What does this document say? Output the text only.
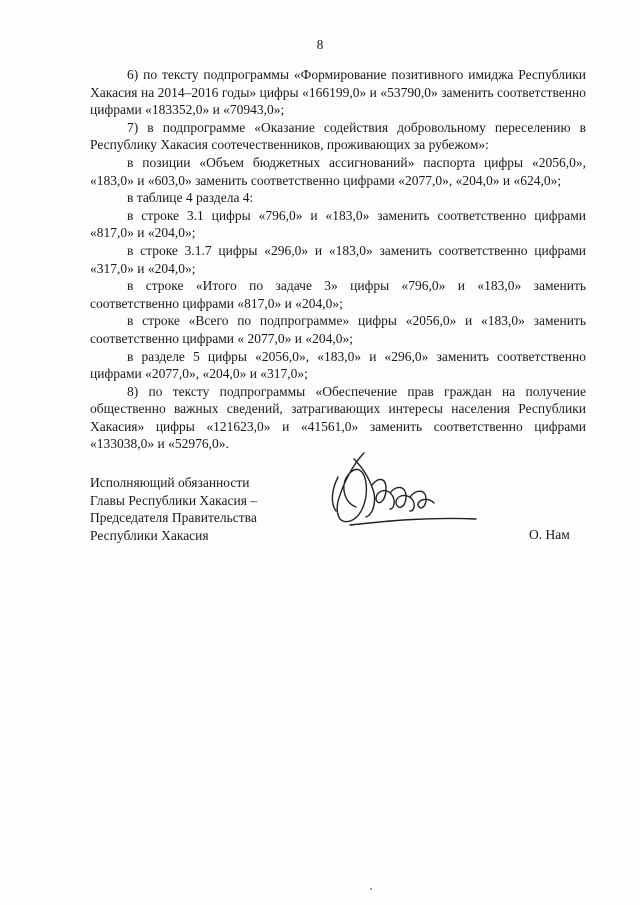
8

6) по тексту подпрограммы «Формирование позитивного имиджа Республики Хакасия на 2014–2016 годы» цифры «166199,0» и «53790,0» заменить соответственно цифрами «183352,0» и «70943,0»;

7) в подпрограмме «Оказание содействия добровольному переселению в Республику Хакасия соотечественников, проживающих за рубежом»:

в позиции «Объем бюджетных ассигнований» паспорта цифры «2056,0», «183,0» и «603,0» заменить соответственно цифрами «2077,0», «204,0» и «624,0»;

в таблице 4 раздела 4:

в строке 3.1 цифры «796,0» и «183,0» заменить соответственно цифрами «817,0» и «204,0»;

в строке 3.1.7 цифры «296,0» и «183,0» заменить соответственно цифрами «317,0» и «204,0»;

в строке «Итого по задаче 3» цифры «796,0» и «183,0» заменить соответственно цифрами «817,0» и «204,0»;

в строке «Всего по подпрограмме» цифры «2056,0» и «183,0» заменить соответственно цифрами « 2077,0» и «204,0»;

в разделе 5 цифры «2056,0», «183,0» и «296,0» заменить соответственно цифрами «2077,0», «204,0» и «317,0»;

8) по тексту подпрограммы «Обеспечение прав граждан на получение общественно важных сведений, затрагивающих интересы населения Республики Хакасия» цифры «121623,0» и «41561,0» заменить соответственно цифрами «133038,0» и «52976,0».

Исполняющий обязанности
Главы Республики Хакасия –
Председателя Правительства
Республики Хакасия	О. Нам
